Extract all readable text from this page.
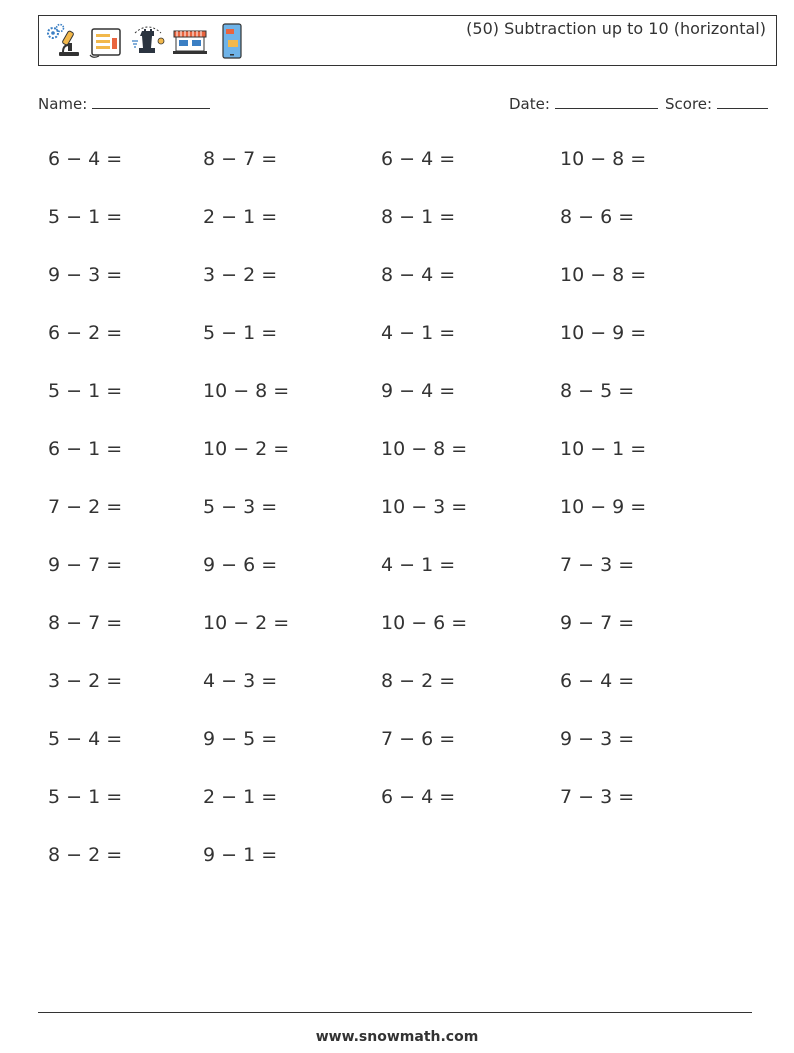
(50) Subtraction up to 10 (horizontal)
Name:	Date:	Score:
6 − 4 =	8 − 7 =	6 − 4 =	10 − 8 =
5 − 1 =	2 − 1 =	8 − 1 =	8 − 6 =
9 − 3 =	3 − 2 =	8 − 4 =	10 − 8 =
6 − 2 =	5 − 1 =	4 − 1 =	10 − 9 =
5 − 1 =	10 − 8 =	9 − 4 =	8 − 5 =
6 − 1 =	10 − 2 =	10 − 8 =	10 − 1 =
7 − 2 =	5 − 3 =	10 − 3 =	10 − 9 =
9 − 7 =	9 − 6 =	4 − 1 =	7 − 3 =
8 − 7 =	10 − 2 =	10 − 6 =	9 − 7 =
3 − 2 =	4 − 3 =	8 − 2 =	6 − 4 =
5 − 4 =	9 − 5 =	7 − 6 =	9 − 3 =
5 − 1 =	2 − 1 =	6 − 4 =	7 − 3 =
8 − 2 =	9 − 1 =
www.snowmath.com
